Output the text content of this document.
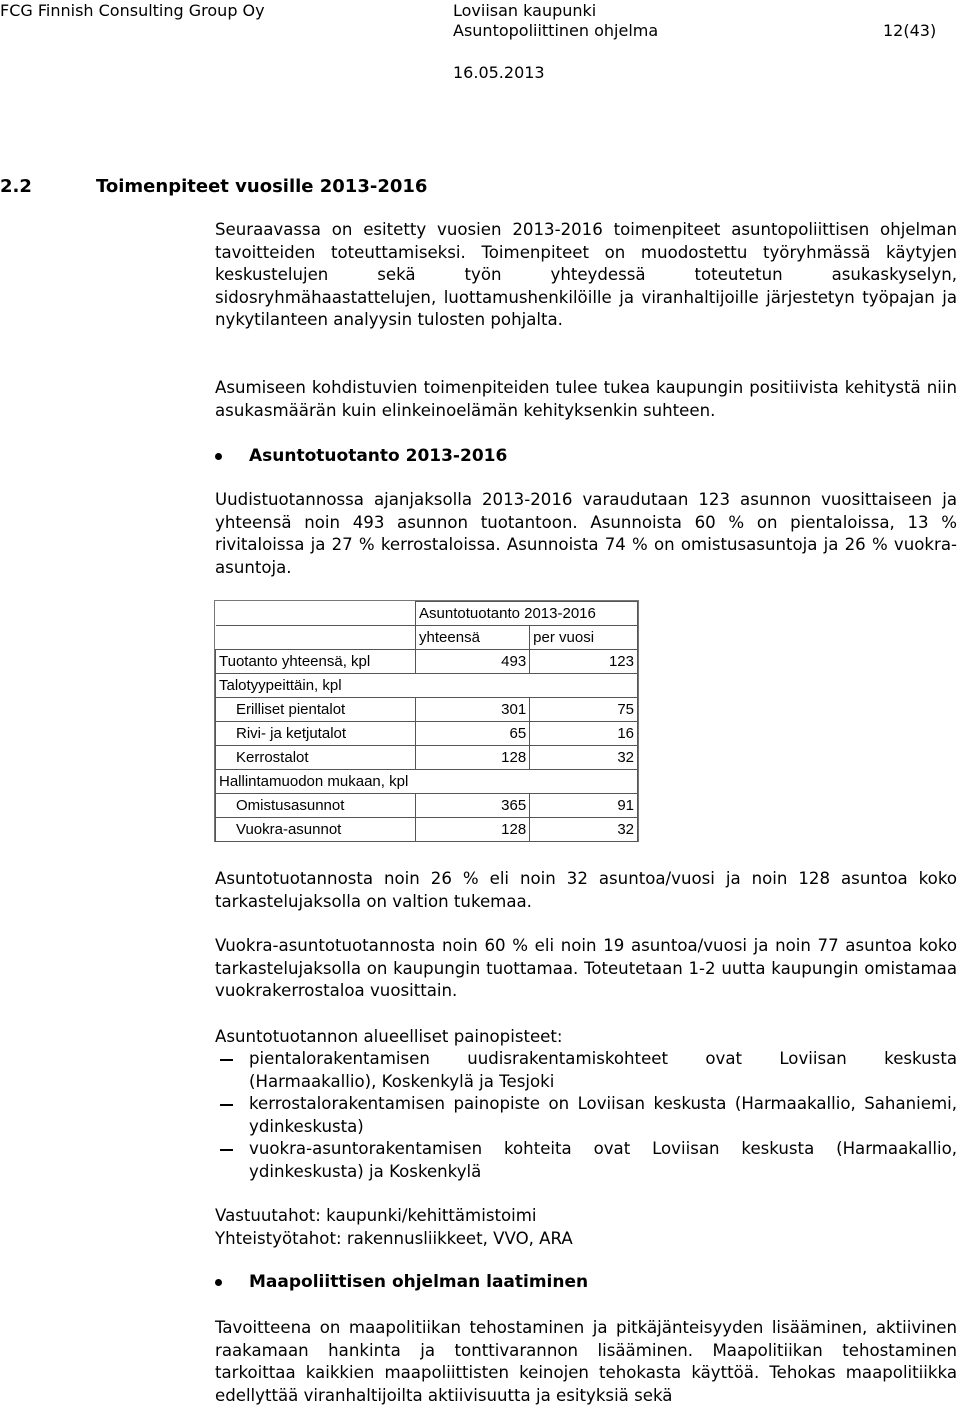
FCG Finnish Consulting Group Oy	Loviisan kaupunki
Asuntopoliittinen ohjelma	12(43)
16.05.2013
2.2	Toimenpiteet vuosille 2013-2016

Seuraavassa on esitetty vuosien 2013-2016 toimenpiteet asuntopoliittisen ohjelman tavoitteiden toteuttamiseksi. Toimenpiteet on muodostettu työryhmässä käytyjen keskustelujen sekä työn yhteydessä toteutetun asukaskyselyn, sidosryhmähaastattelujen, luottamushenkilöille ja viranhaltijoille järjestetyn työpajan ja nykytilanteen analyysin tulosten pohjalta.

Asumiseen kohdistuvien toimenpiteiden tulee tukea kaupungin positiivista kehitystä niin asukasmäärän kuin elinkeinoelämän kehityksenkin suhteen.

Asuntotuotanto 2013-2016

Uudistuotannossa ajanjaksolla 2013-2016 varaudutaan 123 asunnon vuosittaiseen ja yhteensä noin 493 asunnon tuotantoon. Asunnoista 60 % on pientaloissa, 13 % rivitaloissa ja 27 % kerrostaloissa. Asunnoista 74 % on omistusasuntoja ja 26 % vuokra-asuntoja.

	Asuntotuotanto 2013-2016	
	yhteensä	per vuosi
Tuotanto yhteensä, kpl	493	123
Talotyypeittäin, kpl		
Erilliset pientalot	301	75
Rivi- ja ketjutalot	65	16
Kerrostalot	128	32
Hallintamuodon mukaan, kpl		
Omistusasunnot	365	91
Vuokra-asunnot	128	32

Asuntotuotannosta noin 26 % eli noin 32 asuntoa/vuosi ja noin 128 asuntoa koko tarkastelujaksolla on valtion tukemaa.

Vuokra-asuntotuotannosta noin 60 % eli noin 19 asuntoa/vuosi ja noin 77 asuntoa koko tarkastelujaksolla on kaupungin tuottamaa. Toteutetaan 1-2 uutta kaupungin omistamaa vuokrakerrostaloa vuosittain.

Asuntotuotannon alueelliset painopisteet:

pientalorakentamisen uudisrakentamiskohteet ovat Loviisan keskusta (Harmaakallio), Koskenkylä ja Tesjoki
kerrostalorakentamisen painopiste on Loviisan keskusta (Harmaakallio, Sahaniemi, ydinkeskusta)
vuokra-asuntorakentamisen kohteita ovat Loviisan keskusta (Harmaakallio, ydinkeskusta) ja Koskenkylä
Vastuutahot: kaupunki/kehittämistoimi
Yhteistyötahot: rakennusliikkeet, VVO, ARA
Maapoliittisen ohjelman laatiminen

Tavoitteena on maapolitiikan tehostaminen ja pitkäjänteisyyden lisääminen, aktiivinen raakamaan hankinta ja tonttivarannon lisääminen. Maapolitiikan tehostaminen tarkoittaa kaikkien maapoliittisten keinojen tehokasta käyttöä. Tehokas maapolitiikka edellyttää viranhaltijoilta aktiivisuutta ja esityksiä sekä
